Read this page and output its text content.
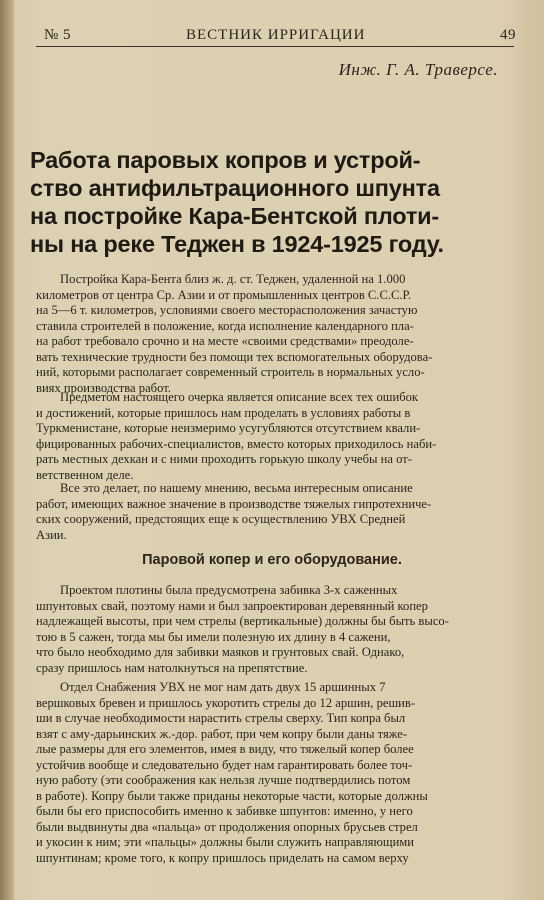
№ 5	ВЕСТНИК ИРРИГАЦИИ	49
Инж. Г. А. Траверсе.
Работа паровых копров и устрой-
ство антифильтрационного шпунта
на постройке Кара-Бентской плоти-
ны на реке Теджен в 1924-1925 году.
Постройка Кара-Бента близ ж. д. ст. Теджен, удаленной на 1.000
километров от центра Ср. Азии и от промышленных центров С.С.С.Р.
на 5—6 т. километров, условиями своего месторасположения зачастую
ставила строителей в положение, когда исполнение календарного пла-
на работ требовало срочно и на месте «своими средствами» преодоле-
вать технические трудности без помощи тех вспомогательных оборудова-
ний, которыми располагает современный строитель в нормальных усло-
виях производства работ.
Предметом настоящего очерка является описание всех тех ошибок
и достижений, которые пришлось нам проделать в условиях работы в
Туркменистане, которые неизмеримо усугубляются отсутствием квали-
фицированных рабочих-специалистов, вместо которых приходилось наби-
рать местных дехкан и с ними проходить горькую школу учебы на от-
ветственном деле.
Все это делает, по нашему мнению, весьма интересным описание
работ, имеющих важное значение в производстве тяжелых гипротехниче-
ских сооружений, предстоящих еще к осуществлению УВХ Средней
Азии.
Паровой копер и его оборудование.
Проектом плотины была предусмотрена забивка 3-х саженных
шпунтовых свай, поэтому нами и был запроектирован деревянный копер
надлежащей высоты, при чем стрелы (вертикальные) должны бы быть высо-
тою в 5 сажен, тогда мы бы имели полезную их длину в 4 сажени,
что было необходимо для забивки маяков и грунтовых свай. Однако,
сразу пришлось нам натолкнуться на препятствие.
Отдел Снабжения УВХ не мог нам дать двух 15 аршинных 7
вершковых бревен и пришлось укоротить стрелы до 12 аршин, решив-
ши в случае необходимости нарастить стрелы сверху. Тип копра был
взят с аму-дарьинских ж.-дор. работ, при чем копру были даны тяже-
лые размеры для его элементов, имея в виду, что тяжелый копер более
устойчив вообще и следовательно будет нам гарантировать более точ-
ную работу (эти соображения как нельзя лучше подтвердились потом
в работе). Копру были также приданы некоторые части, которые должны
были бы его приспособить именно к забивке шпунтов: именно, у него
были выдвинуты два «пальца» от продолжения опорных брусьев стрел
и укосин к ним; эти «пальцы» должны были служить направляющими
шпунтинам; кроме того, к копру пришлось приделать на самом верху
